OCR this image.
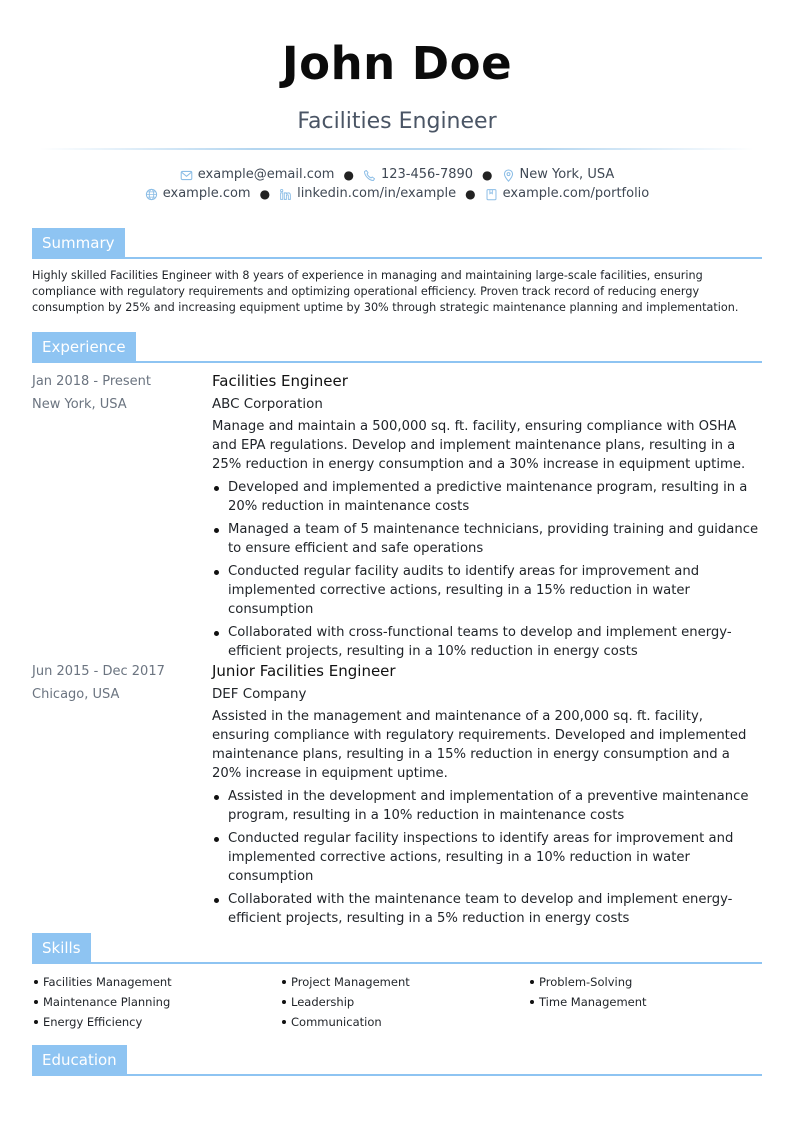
John Doe
Facilities Engineer
example@email.com ● 123-456-7890 ● New York, USA
example.com ● linkedin.com/in/example ● example.com/portfolio
Summary
Highly skilled Facilities Engineer with 8 years of experience in managing and maintaining large-scale facilities, ensuring compliance with regulatory requirements and optimizing operational efficiency. Proven track record of reducing energy consumption by 25% and increasing equipment uptime by 30% through strategic maintenance planning and implementation.
Experience
Jan 2018 - Present
New York, USA
Facilities Engineer
ABC Corporation
Manage and maintain a 500,000 sq. ft. facility, ensuring compliance with OSHA and EPA regulations. Develop and implement maintenance plans, resulting in a 25% reduction in energy consumption and a 30% increase in equipment uptime.
Developed and implemented a predictive maintenance program, resulting in a 20% reduction in maintenance costs
Managed a team of 5 maintenance technicians, providing training and guidance to ensure efficient and safe operations
Conducted regular facility audits to identify areas for improvement and implemented corrective actions, resulting in a 15% reduction in water consumption
Collaborated with cross-functional teams to develop and implement energy-efficient projects, resulting in a 10% reduction in energy costs
Jun 2015 - Dec 2017
Chicago, USA
Junior Facilities Engineer
DEF Company
Assisted in the management and maintenance of a 200,000 sq. ft. facility, ensuring compliance with regulatory requirements. Developed and implemented maintenance plans, resulting in a 15% reduction in energy consumption and a 20% increase in equipment uptime.
Assisted in the development and implementation of a preventive maintenance program, resulting in a 10% reduction in maintenance costs
Conducted regular facility inspections to identify areas for improvement and implemented corrective actions, resulting in a 10% reduction in water consumption
Collaborated with the maintenance team to develop and implement energy-efficient projects, resulting in a 5% reduction in energy costs
Skills
Facilities Management	Project Management	Problem-Solving
Maintenance Planning	Leadership	Time Management
Energy Efficiency	Communication
Education
